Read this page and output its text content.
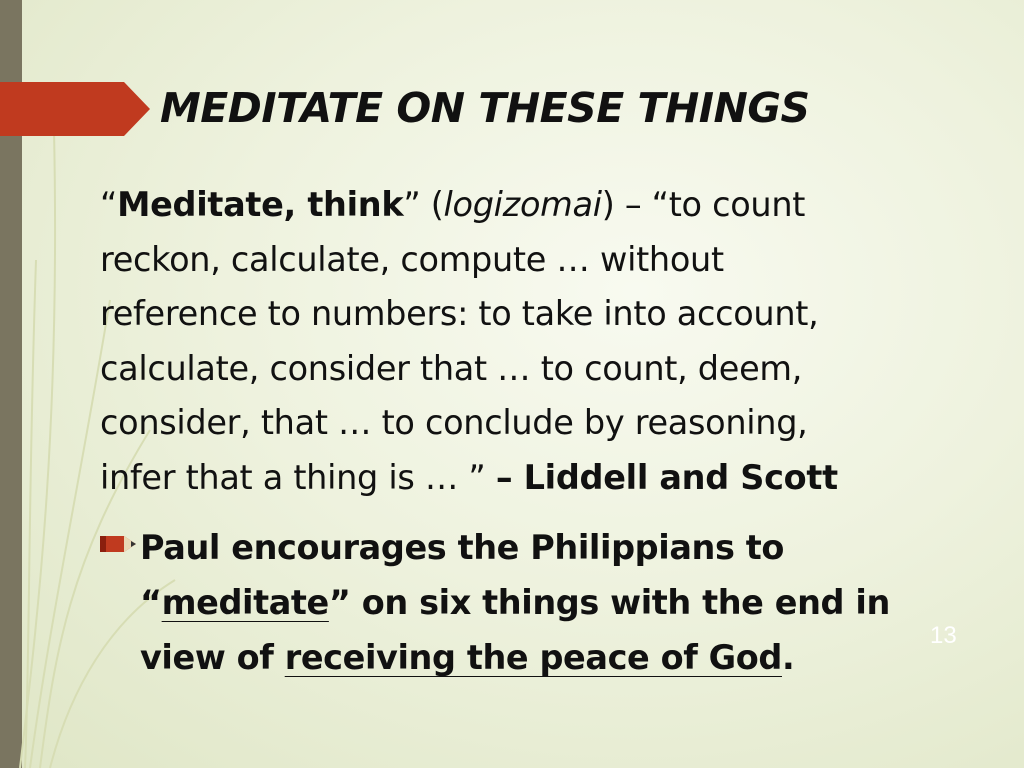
MEDITATE ON THESE THINGS
“Meditate, think” (logizomai) – “to count
reckon, calculate, compute … without
reference to numbers: to take into account,
calculate, consider that … to count, deem,
consider, that … to conclude by reasoning,
infer that a thing is … ” – Liddell and Scott
Paul encourages the Philippians to
“meditate” on six things with the end in
view of receiving the peace of God.
13
